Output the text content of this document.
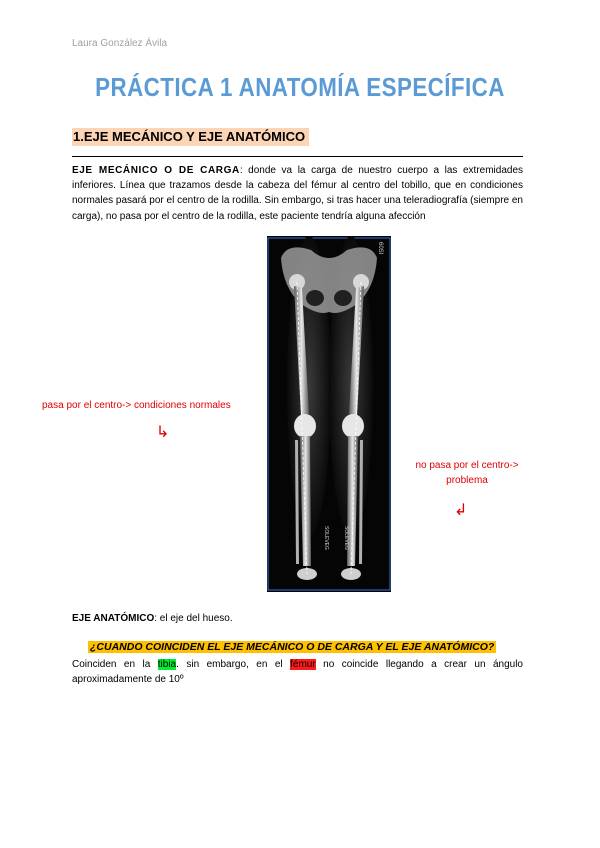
Laura González Ávila
PRÁCTICA 1 ANATOMÍA ESPECÍFICA
1.EJE MECÁNICO Y EJE ANATÓMICO
EJE MECÁNICO O DE CARGA: donde va la carga de nuestro cuerpo a las extremidades inferiores. Línea que trazamos desde la cabeza del fémur al centro del tobillo, que en condiciones normales pasará por el centro de la rodilla. Sin embargo, si tras hacer una teleradiografía (siempre en carga), no pasa por el centro de la rodilla, este paciente tendría alguna afección
60SI
SOLEVEG	SOLEVEG
pasa por el centro-> condiciones normales
↳
no pasa por el centro-> problema
↲
EJE ANATÓMICO: el eje del hueso.
¿CUANDO COINCIDEN EL EJE MECÁNICO O DE CARGA Y EL EJE ANATÓMICO?
Coinciden en la tibia. sin embargo, en el fémur no coincide llegando a crear un ángulo aproximadamente de 10º
